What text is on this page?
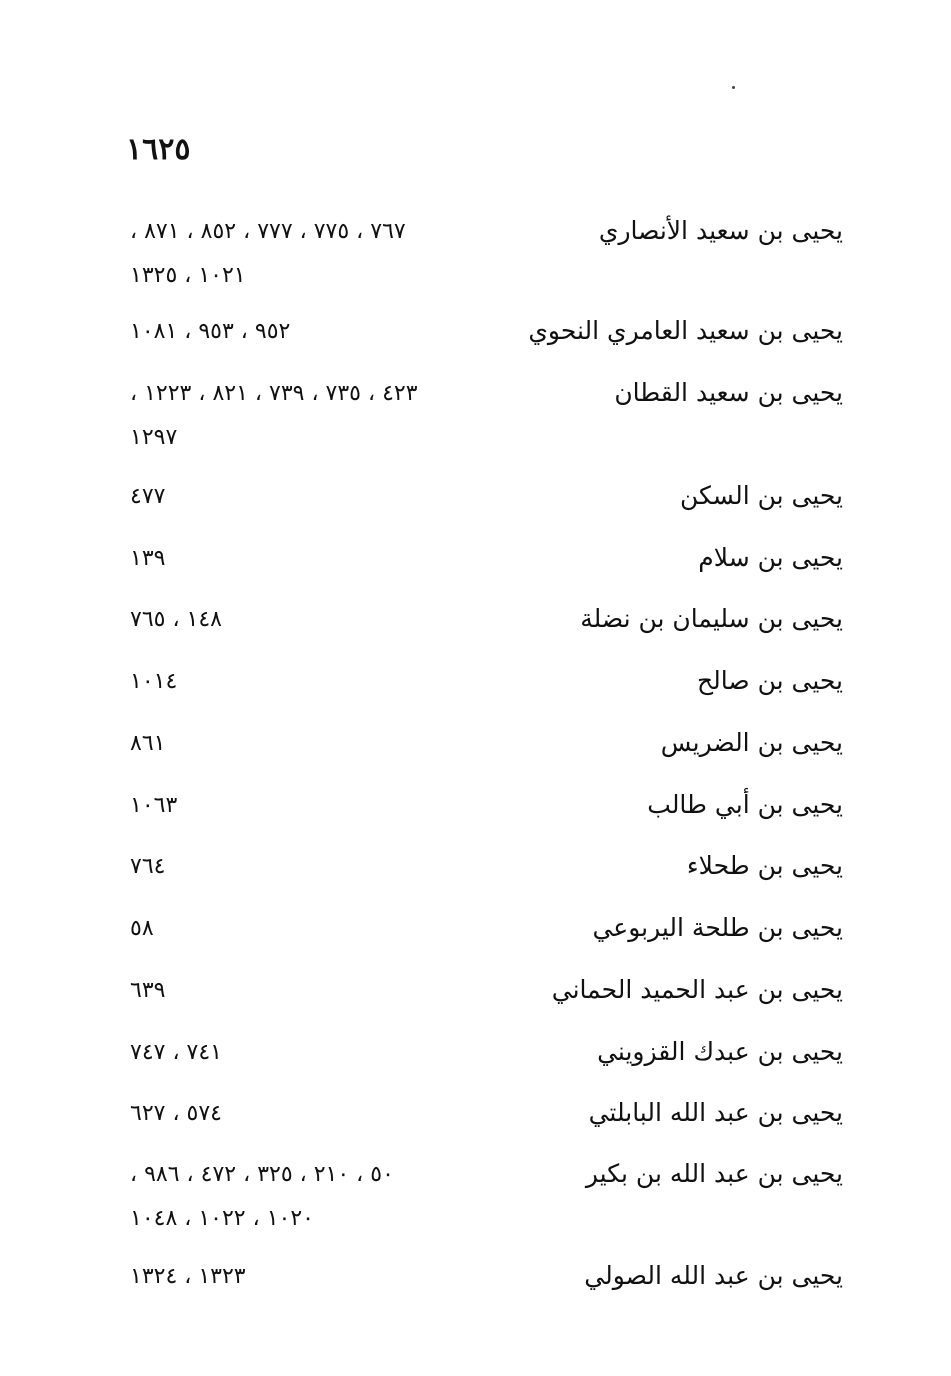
١٦٢٥
يحيى بن سعيد الأنصاري
٧٦٧ ، ٧٧٥ ، ٧٧٧ ، ٨٥٢ ، ٨٧١ ،
١٠٢١ ، ١٣٢٥
يحيى بن سعيد العامري النحوي
٩٥٢ ، ٩٥٣ ، ١٠٨١
يحيى بن سعيد القطان
٤٢٣ ، ٧٣٥ ، ٧٣٩ ، ٨٢١ ، ١٢٢٣ ،
١٢٩٧
يحيى بن السكن
٤٧٧
يحيى بن سلام
١٣٩
يحيى بن سليمان بن نضلة
١٤٨ ، ٧٦٥
يحيى بن صالح
١٠١٤
يحيى بن الضريس
٨٦١
يحيى بن أبي طالب
١٠٦٣
يحيى بن طحلاء
٧٦٤
يحيى بن طلحة اليربوعي
٥٨
يحيى بن عبد الحميد الحماني
٦٣٩
يحيى بن عبدك القزويني
٧٤١ ، ٧٤٧
يحيى بن عبد الله البابلتي
٥٧٤ ، ٦٢٧
يحيى بن عبد الله بن بكير
٥٠ ، ٢١٠ ، ٣٢٥ ، ٤٧٢ ، ٩٨٦ ،
١٠٢٠ ، ١٠٢٢ ، ١٠٤٨
يحيى بن عبد الله الصولي
١٣٢٣ ، ١٣٢٤
